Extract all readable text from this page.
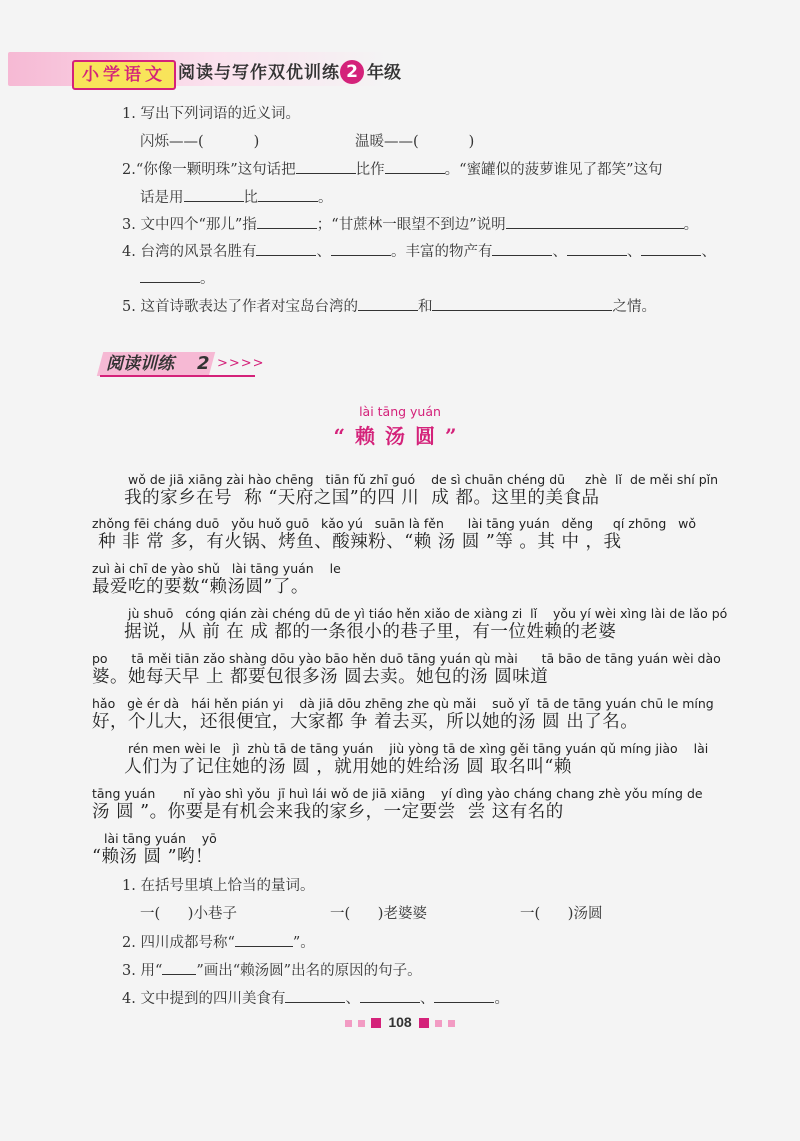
小学语文 阅读与写作双优训练 2 年级
1. 写出下列词语的近义词。
闪烁——(	)	温暖——(	)
2.“你像一颗明珠”这句话把	比作	。“蜜罐似的菠萝谁见了都笑”这句
话是用	比	。
3. 文中四个“那儿”指	；“甘蔗林一眼望不到边”说明	。
4. 台湾的风景名胜有	、	。丰富的物产有	、	、	、
。
5. 这首诗歌表达了作者对宝岛台湾的	和	之情。
阅读训练 2 >>>>
lài tāng yuán
“赖汤圆”
wǒ de jiā xiāng zài hào chēng   tiān fǔ zhī guó    de sì chuān chéng dū     zhè  lǐ  de měi shí pǐn
我的家乡在号  称 “天府之国”的四 川  成 都。这里的美食品
zhǒng fēi cháng duō   yǒu huǒ guō   kǎo yú   suān là fěn      lài tāng yuán   děng     qí zhōng   wǒ
种 非 常 多，有火锅、烤鱼、酸辣粉、“赖 汤 圆 ”等 。其 中 ，我
zuì ài chī de yào shǔ   lài tāng yuán    le
最爱吃的要数“赖汤圆”了。
jù shuō   cóng qián zài chéng dū de yì tiáo hěn xiǎo de xiàng zi  lǐ    yǒu yí wèi xìng lài de lǎo pó
据说，从 前 在 成 都的一条很小的巷子里，有一位姓赖的老婆
po      tā měi tiān zǎo shàng dōu yào bāo hěn duō tāng yuán qù mài      tā bāo de tāng yuán wèi dào
婆。她每天早 上 都要包很多汤 圆去卖。她包的汤 圆味道
hǎo   gè ér dà   hái hěn pián yi    dà jiā dōu zhēng zhe qù mǎi    suǒ yǐ  tā de tāng yuán chū le míng
好，个儿大，还很便宜，大家都 争 着去买，所以她的汤 圆 出了名。
rén men wèi le   jì  zhù tā de tāng yuán    jiù yòng tā de xìng gěi tāng yuán qǔ míng jiào    lài
人们为了记住她的汤 圆 ，就用她的姓给汤 圆 取名叫“赖
tāng yuán       nǐ yào shì yǒu  jī huì lái wǒ de jiā xiāng    yí dìng yào cháng chang zhè yǒu míng de
汤 圆 ”。你要是有机会来我的家乡，一定要尝  尝 这有名的
lài tāng yuán    yō
“赖汤 圆 ”哟！
1. 在括号里填上恰当的量词。
一(      )小巷子	一(      )老婆婆	一(      )汤圆
2. 四川成都号称“	”。
3. 用“ ”画出“赖汤圆”出名的原因的句子。
4. 文中提到的四川美食有	、	、	。
108
